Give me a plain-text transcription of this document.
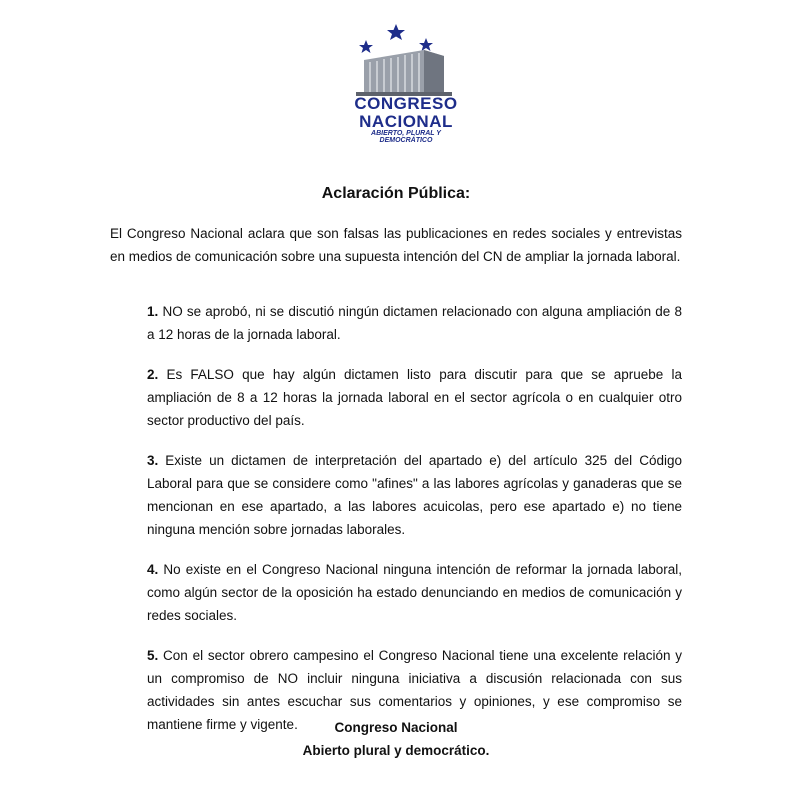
CONGRESO
NACIONAL
ABIERTO, PLURAL Y DEMOCRÁTICO
Aclaración Pública:
El Congreso Nacional aclara que son falsas las publicaciones en redes sociales y entrevistas en medios de comunicación sobre una supuesta intención del CN de ampliar la jornada laboral.
1. NO se aprobó, ni se discutió ningún dictamen relacionado con alguna ampliación de 8 a 12 horas de la jornada laboral.
2. Es FALSO que hay algún dictamen listo para discutir para que se apruebe la ampliación de 8 a 12 horas la jornada laboral en el sector agrícola o en cualquier otro sector productivo del país.
3. Existe un dictamen de interpretación del apartado e) del artículo 325 del Código Laboral para que se considere como "afines" a las labores agrícolas y ganaderas que se mencionan en ese apartado, a las labores acuicolas, pero ese apartado e) no tiene ninguna mención sobre jornadas laborales.
4. No existe en el Congreso Nacional ninguna intención de reformar la jornada laboral, como algún sector de la oposición ha estado denunciando en medios de comunicación y redes sociales.
5. Con el sector obrero campesino el Congreso Nacional tiene una excelente relación y un compromiso de NO incluir ninguna iniciativa a discusión relacionada con sus actividades sin antes escuchar sus comentarios y opiniones, y ese compromiso se mantiene firme y vigente.	Congreso Nacional
Abierto plural y democrático.
